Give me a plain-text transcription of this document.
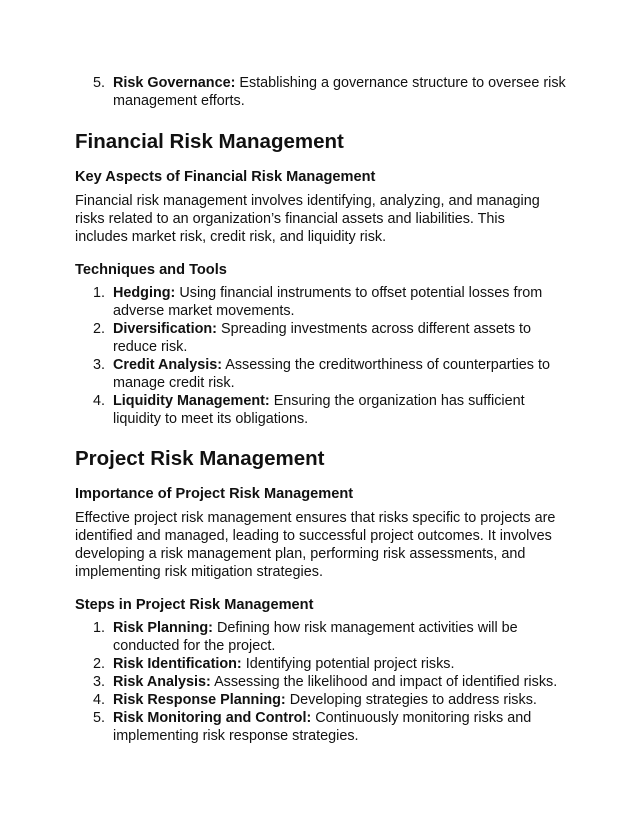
5. Risk Governance: Establishing a governance structure to oversee risk management efforts.
Financial Risk Management
Key Aspects of Financial Risk Management

Financial risk management involves identifying, analyzing, and managing risks related to an organization’s financial assets and liabilities. This includes market risk, credit risk, and liquidity risk.

Techniques and Tools
1. Hedging: Using financial instruments to offset potential losses from adverse market movements.
2. Diversification: Spreading investments across different assets to reduce risk.
3. Credit Analysis: Assessing the creditworthiness of counterparties to manage credit risk.
4. Liquidity Management: Ensuring the organization has sufficient liquidity to meet its obligations.
Project Risk Management
Importance of Project Risk Management

Effective project risk management ensures that risks specific to projects are identified and managed, leading to successful project outcomes. It involves developing a risk management plan, performing risk assessments, and implementing risk mitigation strategies.

Steps in Project Risk Management
1. Risk Planning: Defining how risk management activities will be conducted for the project.
2. Risk Identification: Identifying potential project risks.
3. Risk Analysis: Assessing the likelihood and impact of identified risks.
4. Risk Response Planning: Developing strategies to address risks.
5. Risk Monitoring and Control: Continuously monitoring risks and implementing risk response strategies.
